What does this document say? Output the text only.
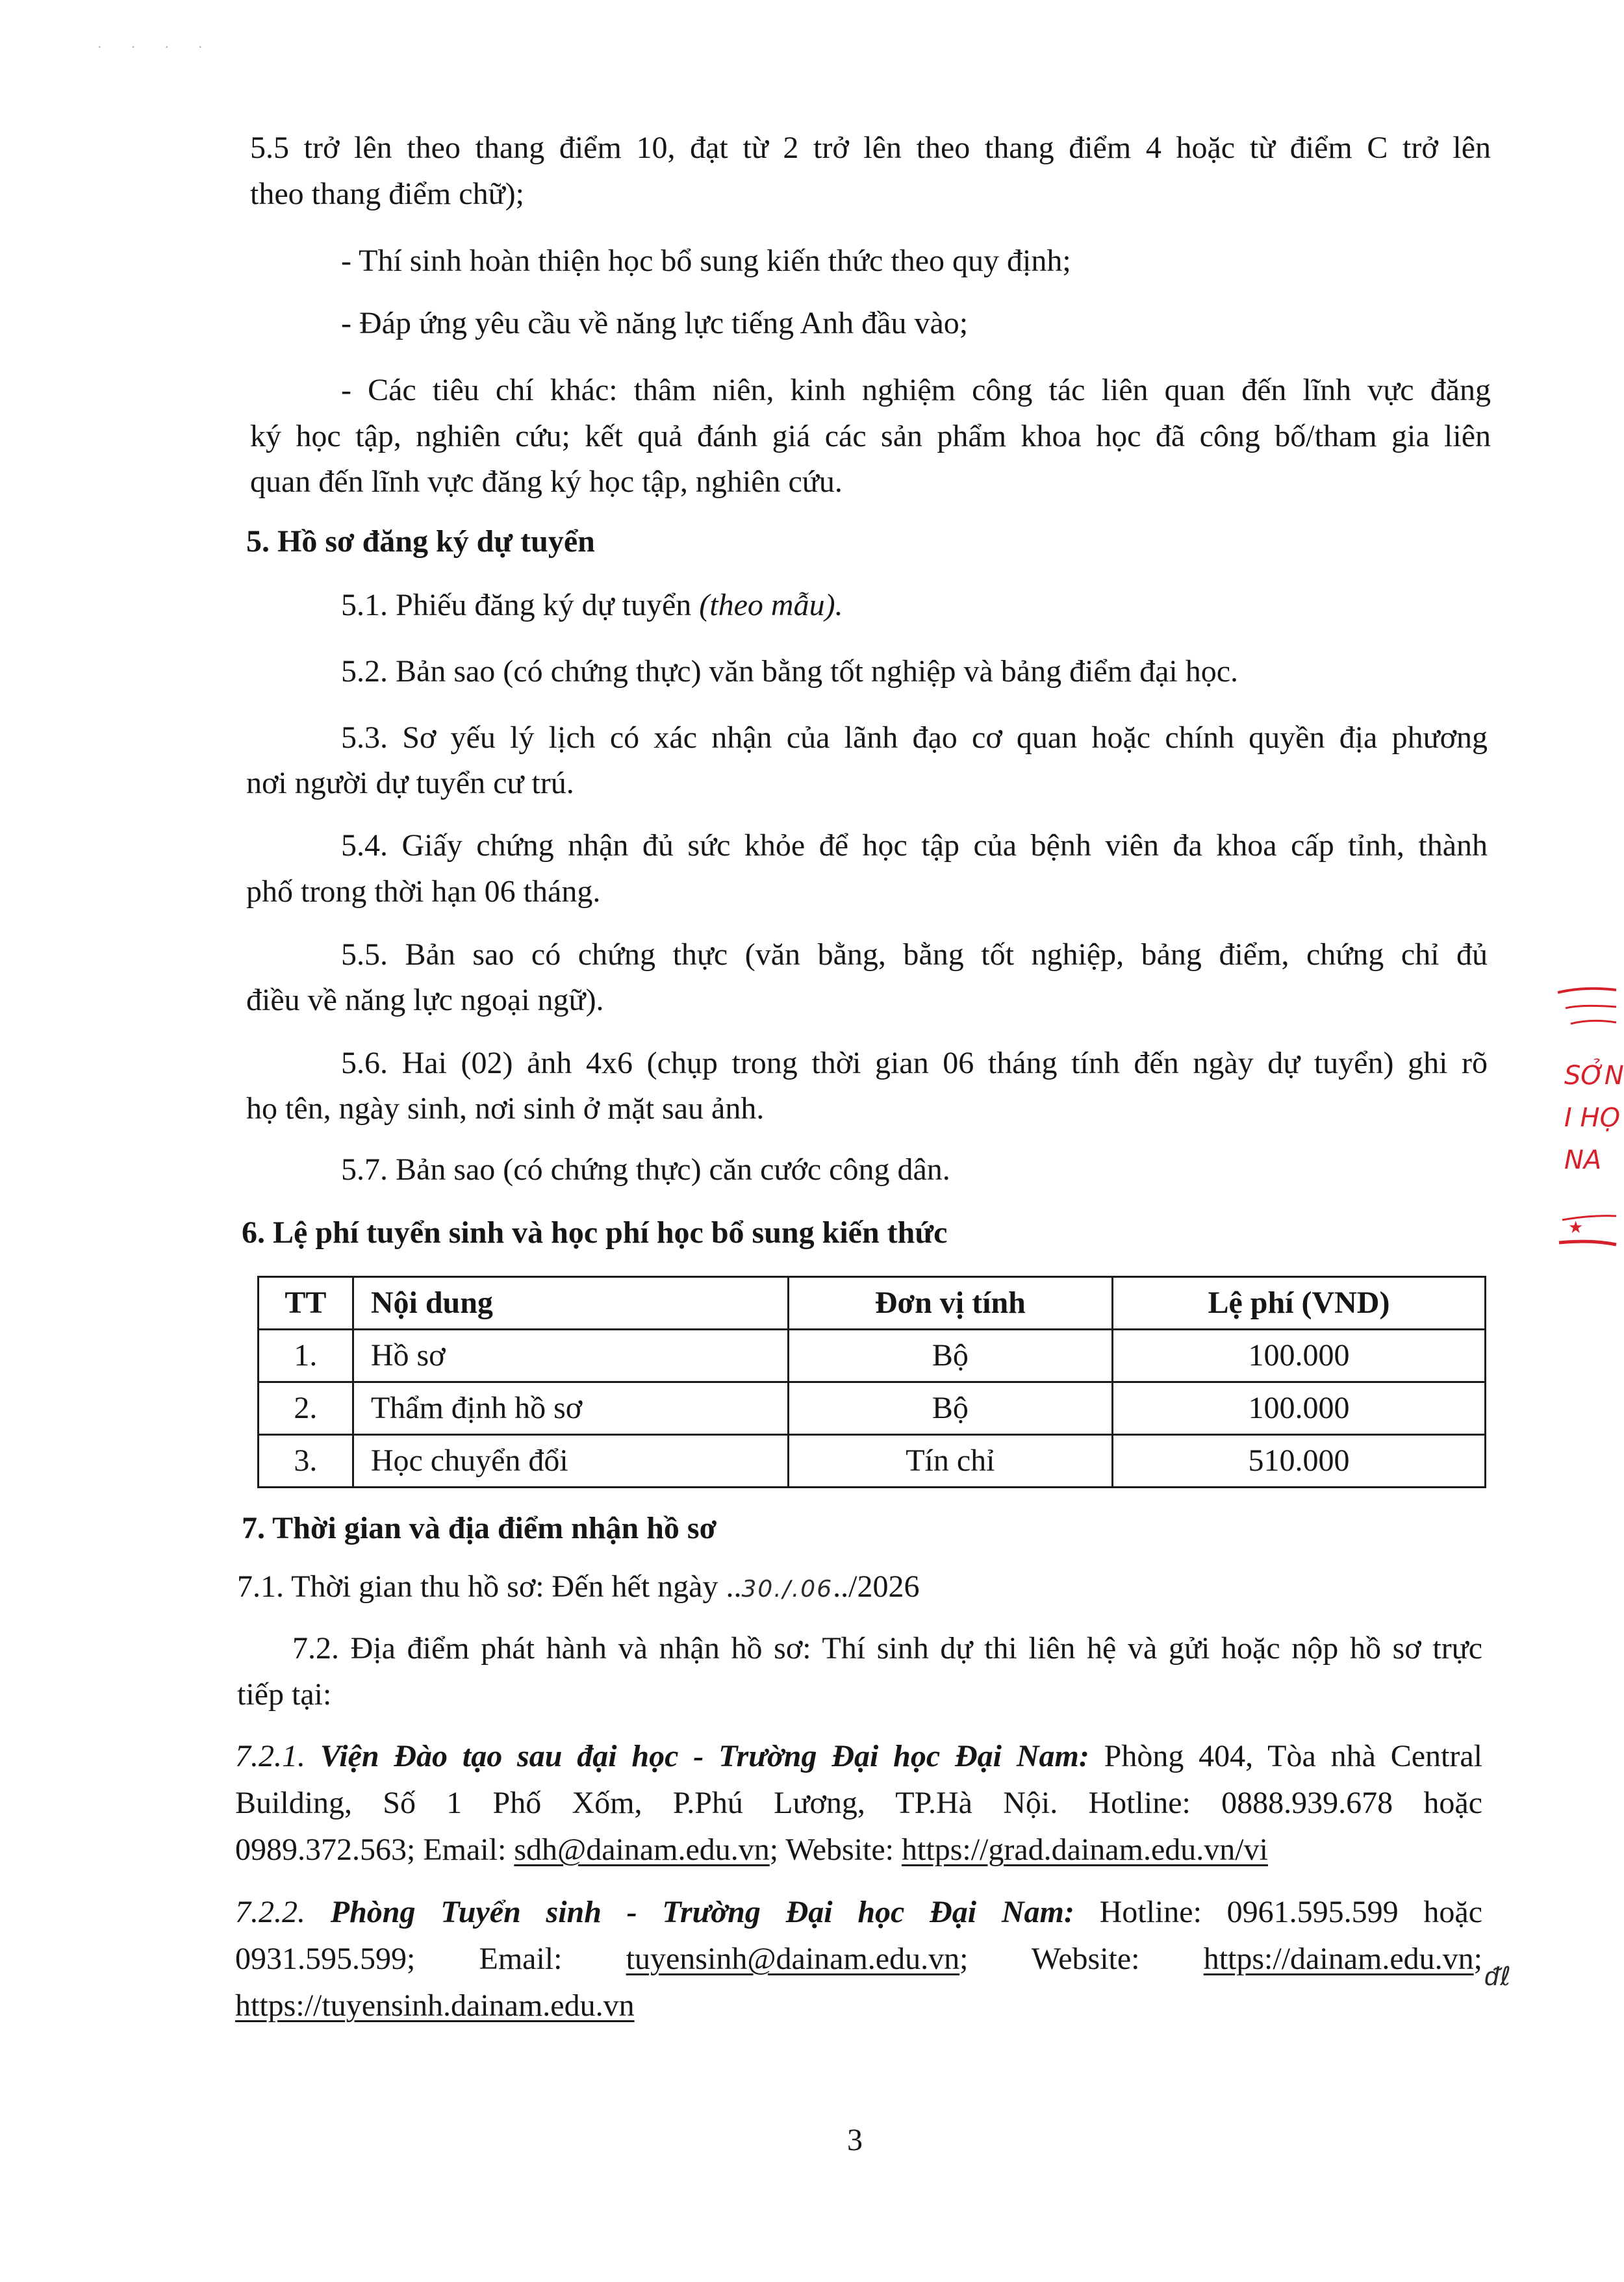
· · · ·

5.5 trở lên theo thang điểm 10, đạt từ 2 trở lên theo thang điểm 4 hoặc từ điểm C trở lên

theo thang điểm chữ);

- Thí sinh hoàn thiện học bổ sung kiến thức theo quy định;

- Đáp ứng yêu cầu về năng lực tiếng Anh đầu vào;

- Các tiêu chí khác: thâm niên, kinh nghiệm công tác liên quan đến lĩnh vực đăng

ký học tập, nghiên cứu; kết quả đánh giá các sản phẩm khoa học đã công bố/tham gia liên

quan đến lĩnh vực đăng ký học tập, nghiên cứu.

5. Hồ sơ đăng ký dự tuyển

5.1. Phiếu đăng ký dự tuyển (theo mẫu).

5.2. Bản sao (có chứng thực) văn bằng tốt nghiệp và bảng điểm đại học.

5.3. Sơ yếu lý lịch có xác nhận của lãnh đạo cơ quan hoặc chính quyền địa phương

nơi người dự tuyển cư trú.

5.4. Giấy chứng nhận đủ sức khỏe để học tập của bệnh viên đa khoa cấp tỉnh, thành

phố trong thời hạn 06 tháng.

5.5. Bản sao có chứng thực (văn bằng, bằng tốt nghiệp, bảng điểm, chứng chỉ đủ

điều về năng lực ngoại ngữ).

5.6. Hai (02) ảnh 4x6 (chụp trong thời gian 06 tháng tính đến ngày dự tuyển) ghi rõ

họ tên, ngày sinh, nơi sinh ở mặt sau ảnh.

5.7. Bản sao (có chứng thực) căn cước công dân.

6. Lệ phí tuyển sinh và học phí học bổ sung kiến thức

TT	Nội dung	Đơn vị tính	Lệ phí (VND)
1.	Hồ sơ	Bộ	100.000
2.	Thẩm định hồ sơ	Bộ	100.000
3.	Học chuyển đổi	Tín chỉ	510.000

7. Thời gian và địa điểm nhận hồ sơ

7.1. Thời gian thu hồ sơ: Đến hết ngày ..30./.06../2026

7.2. Địa điểm phát hành và nhận hồ sơ: Thí sinh dự thi liên hệ và gửi hoặc nộp hồ sơ trực

tiếp tại:

7.2.1. Viện Đào tạo sau đại học - Trường Đại học Đại Nam: Phòng 404, Tòa nhà Central

Building, Số 1 Phố Xốm, P.Phú Lương, TP.Hà Nội. Hotline: 0888.939.678 hoặc

0989.372.563; Email: sdh@dainam.edu.vn; Website: https://grad.dainam.edu.vn/vi

7.2.2. Phòng Tuyển sinh - Trường Đại học Đại Nam: Hotline: 0961.595.599 hoặc

0931.595.599; Email: tuyensinh@dainam.edu.vn; Website: https://dainam.edu.vn;

https://tuyensinh.dainam.edu.vn

ᵭℓ
★
SỞN
I HỌ
NA
3
